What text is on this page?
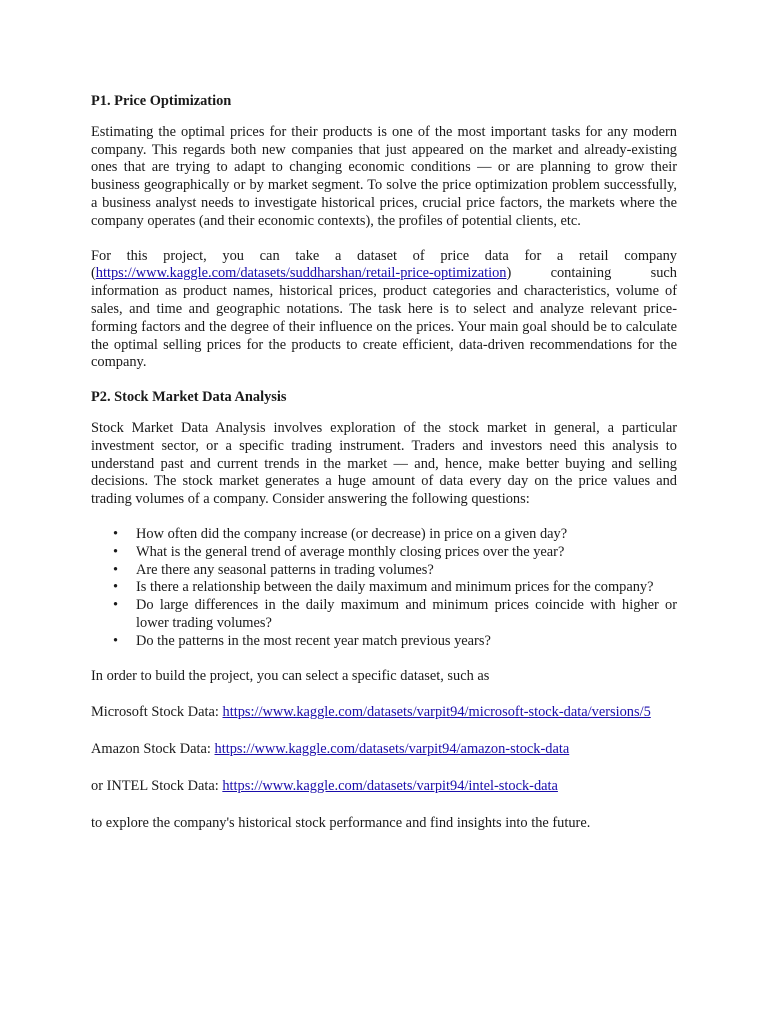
P1. Price Optimization

Estimating the optimal prices for their products is one of the most important tasks for any modern company. This regards both new companies that just appeared on the market and already-existing ones that are trying to adapt to changing economic conditions — or are planning to grow their business geographically or by market segment. To solve the price optimization problem successfully, a business analyst needs to investigate historical prices, crucial price factors, the markets where the company operates (and their economic contexts), the profiles of potential clients, etc.

For this project, you can take a dataset of price data for a retail company (https://www.kaggle.com/datasets/suddharshan/retail-price-optimization) containing such information as product names, historical prices, product categories and characteristics, volume of sales, and time and geographic notations. The task here is to select and analyze relevant price-forming factors and the degree of their influence on the prices. Your main goal should be to calculate the optimal selling prices for the products to create efficient, data-driven recommendations for the company.

P2. Stock Market Data Analysis

Stock Market Data Analysis involves exploration of the stock market in general, a particular investment sector, or a specific trading instrument. Traders and investors need this analysis to understand past and current trends in the market — and, hence, make better buying and selling decisions. The stock market generates a huge amount of data every day on the price values and trading volumes of a company. Consider answering the following questions:

• How often did the company increase (or decrease) in price on a given day?
• What is the general trend of average monthly closing prices over the year?
• Are there any seasonal patterns in trading volumes?
• Is there a relationship between the daily maximum and minimum prices for the company?
• Do large differences in the daily maximum and minimum prices coincide with higher or lower trading volumes?
• Do the patterns in the most recent year match previous years?

In order to build the project, you can select a specific dataset, such as

Microsoft Stock Data: https://www.kaggle.com/datasets/varpit94/microsoft-stock-data/versions/5

Amazon Stock Data: https://www.kaggle.com/datasets/varpit94/amazon-stock-data

or INTEL Stock Data: https://www.kaggle.com/datasets/varpit94/intel-stock-data

to explore the company's historical stock performance and find insights into the future.
